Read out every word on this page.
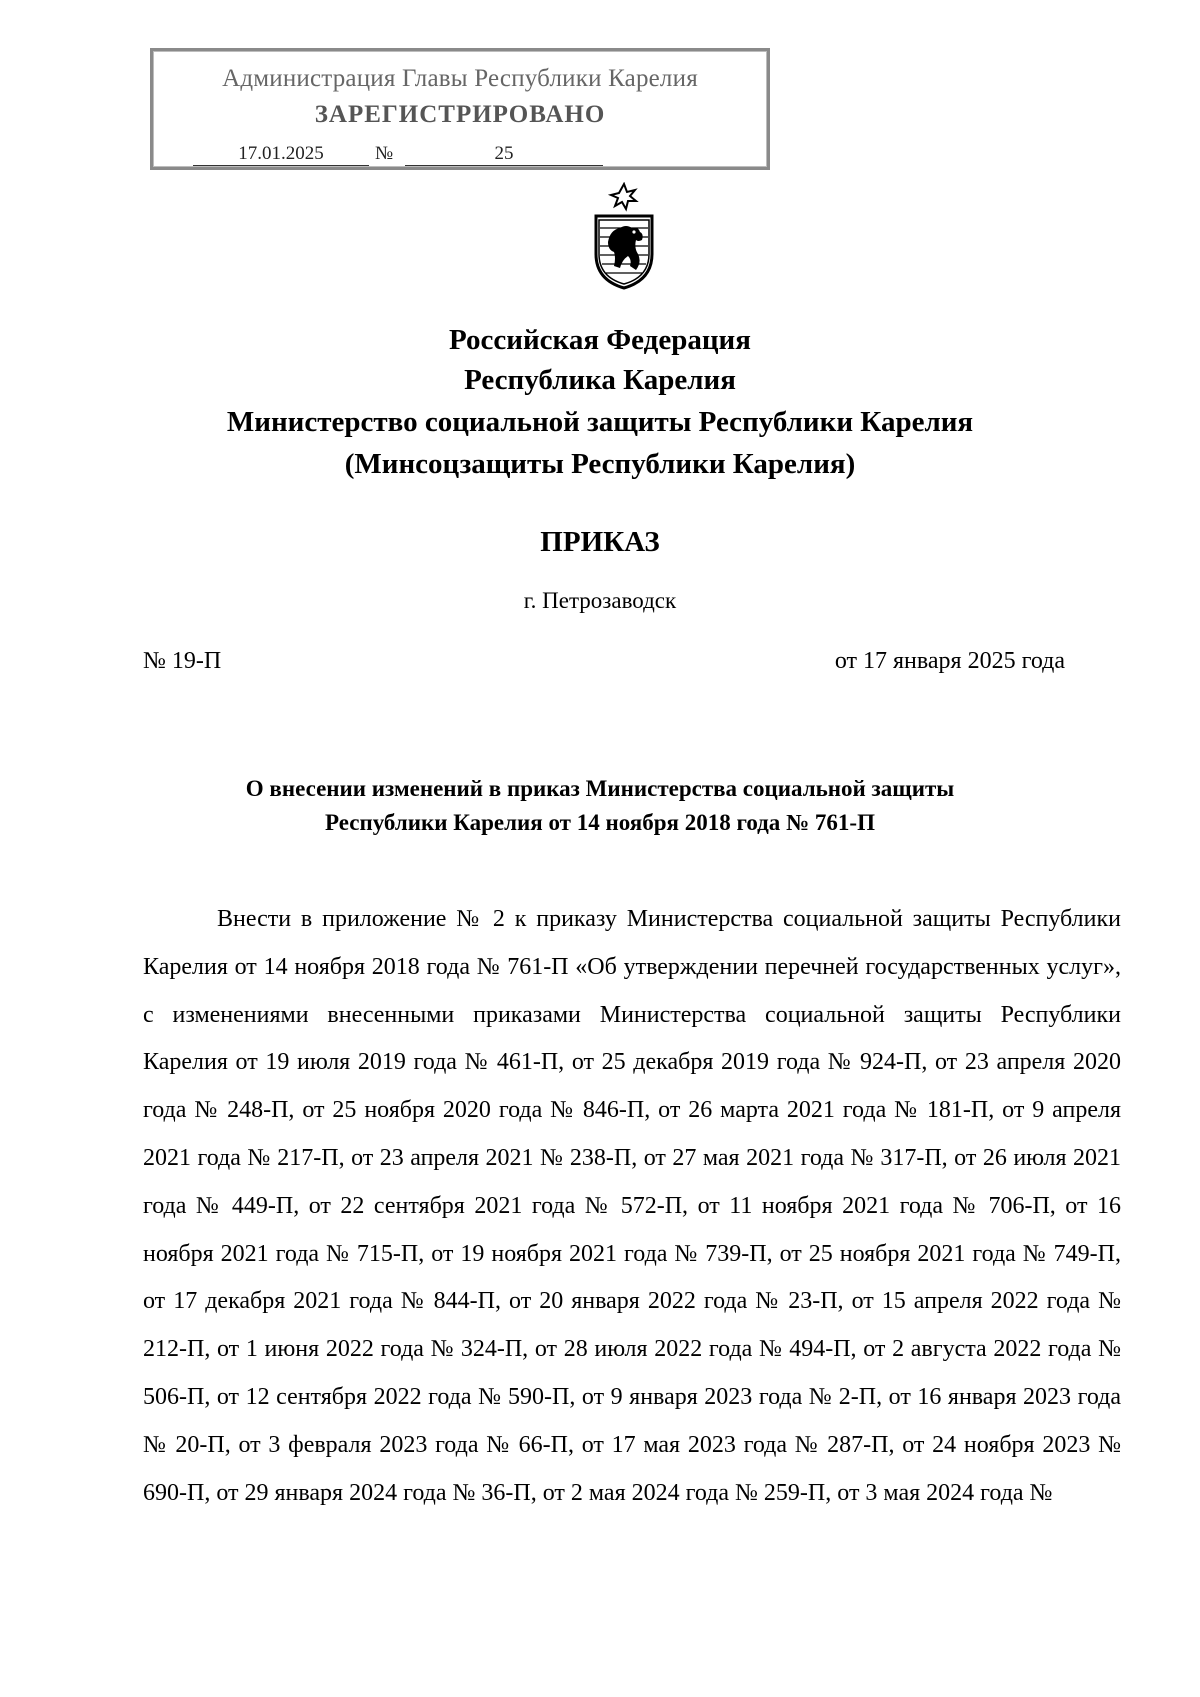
Администрация Главы Республики Карелия
ЗАРЕГИСТРИРОВАНО
17.01.2025	№	25
Российская Федерация
Республика Карелия
Министерство социальной защиты Республики Карелия
(Минсоцзащиты Республики Карелия)
ПРИКАЗ
г. Петрозаводск
№ 19-П	от 17 января 2025 года
О внесении изменений в приказ Министерства социальной защиты
Республики Карелия от 14 ноября 2018 года № 761-П

Внести в приложение № 2 к приказу Министерства социальной защиты Республики Карелия от 14 ноября 2018 года № 761-П «Об утверждении перечней государственных услуг», с изменениями внесенными приказами Министерства социальной защиты Республики Карелия от 19 июля 2019 года № 461-П, от 25 декабря 2019 года № 924-П, от 23 апреля 2020 года № 248-П, от 25 ноября 2020 года № 846-П, от 26 марта 2021 года № 181-П, от 9 апреля 2021 года № 217-П, от 23 апреля 2021 № 238-П, от 27 мая 2021 года № 317-П, от 26 июля 2021 года № 449-П, от 22 сентября 2021 года № 572-П, от 11 ноября 2021 года № 706-П, от 16 ноября 2021 года № 715-П, от 19 ноября 2021 года № 739-П, от 25 ноября 2021 года № 749-П, от 17 декабря 2021 года № 844-П, от 20 января 2022 года № 23-П, от 15 апреля 2022 года № 212-П, от 1 июня 2022 года № 324-П, от 28 июля 2022 года № 494-П, от 2 августа 2022 года № 506-П, от 12 сентября 2022 года № 590-П, от 9 января 2023 года № 2-П, от 16 января 2023 года № 20-П, от 3 февраля 2023 года № 66-П, от 17 мая 2023 года № 287-П, от 24 ноября 2023 № 690-П, от 29 января 2024 года № 36-П, от 2 мая 2024 года № 259-П, от 3 мая 2024 года №
